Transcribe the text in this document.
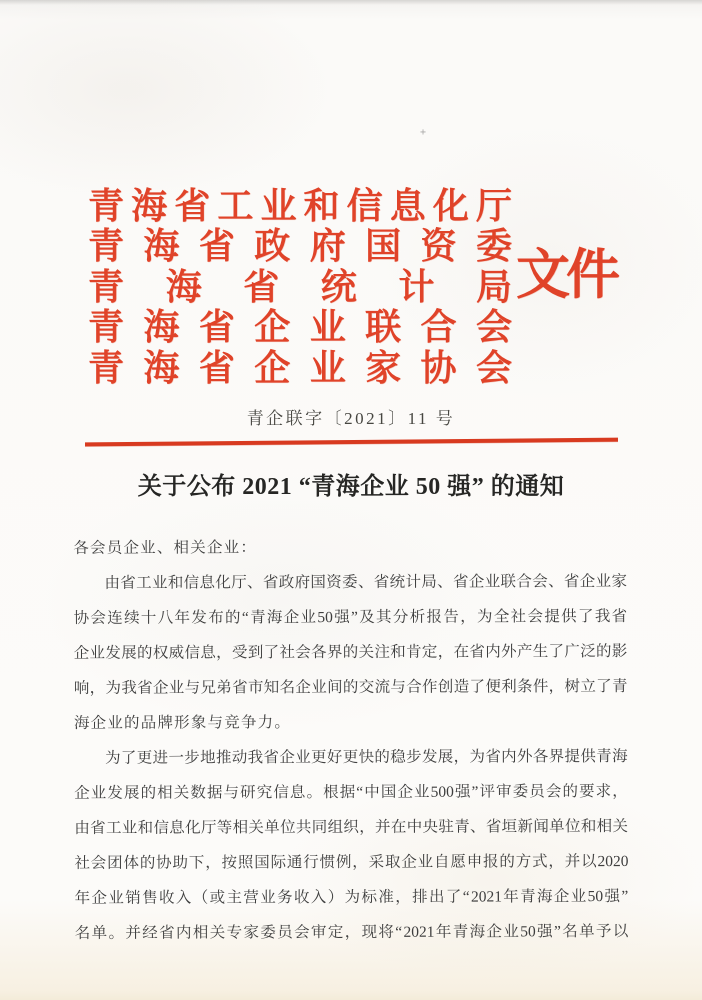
+
青 海 省 工 业 和 信 息 化 厅
青 海 省 政 府 国 资 委
青 海 省 统 计 局
青 海 省 企 业 联 合 会
青 海 省 企 业 家 协 会
文件
青企联字〔2021〕11 号
关于公布 2021 “青海企业 50 强” 的通知
各会员企业、相关企业：
由 省 工 业 和 信 息 化 厅 、 省 政 府 国 资 委 、 省 统 计 局 、 省 企 业 联 合 会 、 省 企 业 家
协 会 连 续 十 八 年 发 布 的 “ 青 海 企 业 50 强 ” 及 其 分 析 报 告 ， 为 全 社 会 提 供 了 我 省
企 业 发 展 的 权 威 信 息 ， 受 到 了 社 会 各 界 的 关 注 和 肯 定 ， 在 省 内 外 产 生 了 广 泛 的 影
响 ， 为 我 省 企 业 与 兄 弟 省 市 知 名 企 业 间 的 交 流 与 合 作 创 造 了 便 利 条 件 ， 树 立 了 青
海企业的品牌形象与竞争力。
为 了 更 进 一 步 地 推 动 我 省 企 业 更 好 更 快 的 稳 步 发 展 ， 为 省 内 外 各 界 提 供 青 海
企 业 发 展 的 相 关 数 据 与 研 究 信 息 。 根 据 “ 中 国 企 业 500 强 ” 评 审 委 员 会 的 要 求 ，
由 省 工 业 和 信 息 化 厅 等 相 关 单 位 共 同 组 织 ， 并 在 中 央 驻 青 、 省 垣 新 闻 单 位 和 相 关
社 会 团 体 的 协 助 下 ， 按 照 国 际 通 行 惯 例 ， 采 取 企 业 自 愿 申 报 的 方 式 ， 并 以 2020
年 企 业 销 售 收 入 （ 或 主 营 业 务 收 入 ） 为 标 准 ， 排 出 了 “ 2021 年 青 海 企 业 50 强 ”
名 单 。 并 经 省 内 相 关 专 家 委 员 会 审 定 ， 现 将 “ 2021 年 青 海 企 业 50 强 ” 名 单 予 以
